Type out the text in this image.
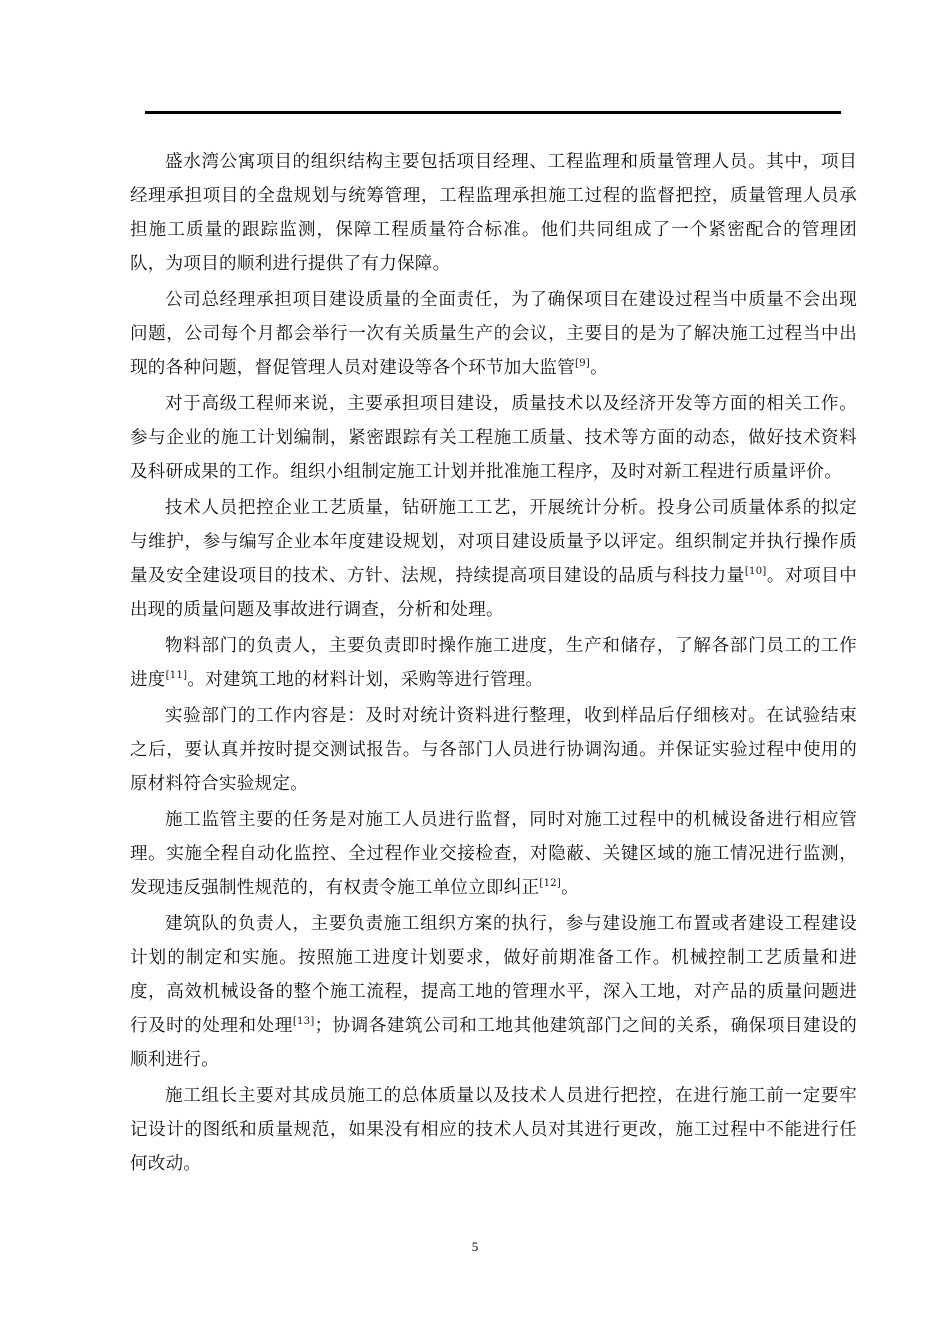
盛水湾公寓项目的组织结构主要包括项目经理、工程监理和质量管理人员。其中，项目经理承担项目的全盘规划与统筹管理，工程监理承担施工过程的监督把控，质量管理人员承担施工质量的跟踪监测，保障工程质量符合标准。他们共同组成了一个紧密配合的管理团队，为项目的顺利进行提供了有力保障。

公司总经理承担项目建设质量的全面责任，为了确保项目在建设过程当中质量不会出现问题，公司每个月都会举行一次有关质量生产的会议，主要目的是为了解决施工过程当中出现的各种问题，督促管理人员对建设等各个环节加大监管[9]。

对于高级工程师来说，主要承担项目建设，质量技术以及经济开发等方面的相关工作。参与企业的施工计划编制，紧密跟踪有关工程施工质量、技术等方面的动态，做好技术资料及科研成果的工作。组织小组制定施工计划并批准施工程序，及时对新工程进行质量评价。

技术人员把控企业工艺质量，钻研施工工艺，开展统计分析。投身公司质量体系的拟定与维护，参与编写企业本年度建设规划，对项目建设质量予以评定。组织制定并执行操作质量及安全建设项目的技术、方针、法规，持续提高项目建设的品质与科技力量[10]。对项目中出现的质量问题及事故进行调查，分析和处理。

物料部门的负责人，主要负责即时操作施工进度，生产和储存，了解各部门员工的工作进度[11]。对建筑工地的材料计划，采购等进行管理。

实验部门的工作内容是：及时对统计资料进行整理，收到样品后仔细核对。在试验结束之后，要认真并按时提交测试报告。与各部门人员进行协调沟通。并保证实验过程中使用的原材料符合实验规定。

施工监管主要的任务是对施工人员进行监督，同时对施工过程中的机械设备进行相应管理。实施全程自动化监控、全过程作业交接检查，对隐蔽、关键区域的施工情况进行监测，发现违反强制性规范的，有权责令施工单位立即纠正[12]。

建筑队的负责人，主要负责施工组织方案的执行，参与建设施工布置或者建设工程建设计划的制定和实施。按照施工进度计划要求，做好前期准备工作。机械控制工艺质量和进度，高效机械设备的整个施工流程，提高工地的管理水平，深入工地，对产品的质量问题进行及时的处理和处理[13]；协调各建筑公司和工地其他建筑部门之间的关系，确保项目建设的顺利进行。

施工组长主要对其成员施工的总体质量以及技术人员进行把控，在进行施工前一定要牢记设计的图纸和质量规范，如果没有相应的技术人员对其进行更改，施工过程中不能进行任何改动。

5
